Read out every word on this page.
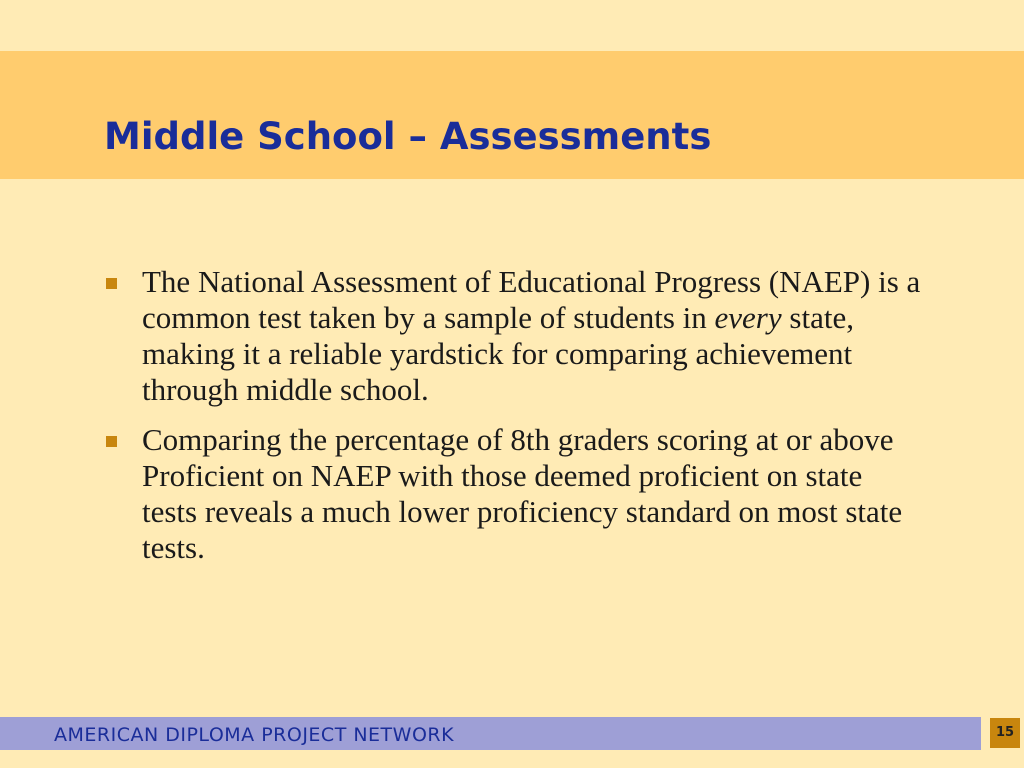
Middle School – Assessments
The National Assessment of Educational Progress (NAEP) is a common test taken by a sample of students in every state, making it a reliable yardstick for comparing achievement through middle school.
Comparing the percentage of 8th graders scoring at or above Proficient on NAEP with those deemed proficient on state tests reveals a much lower proficiency standard on most state tests.
AMERICAN DIPLOMA PROJECT NETWORK	15
